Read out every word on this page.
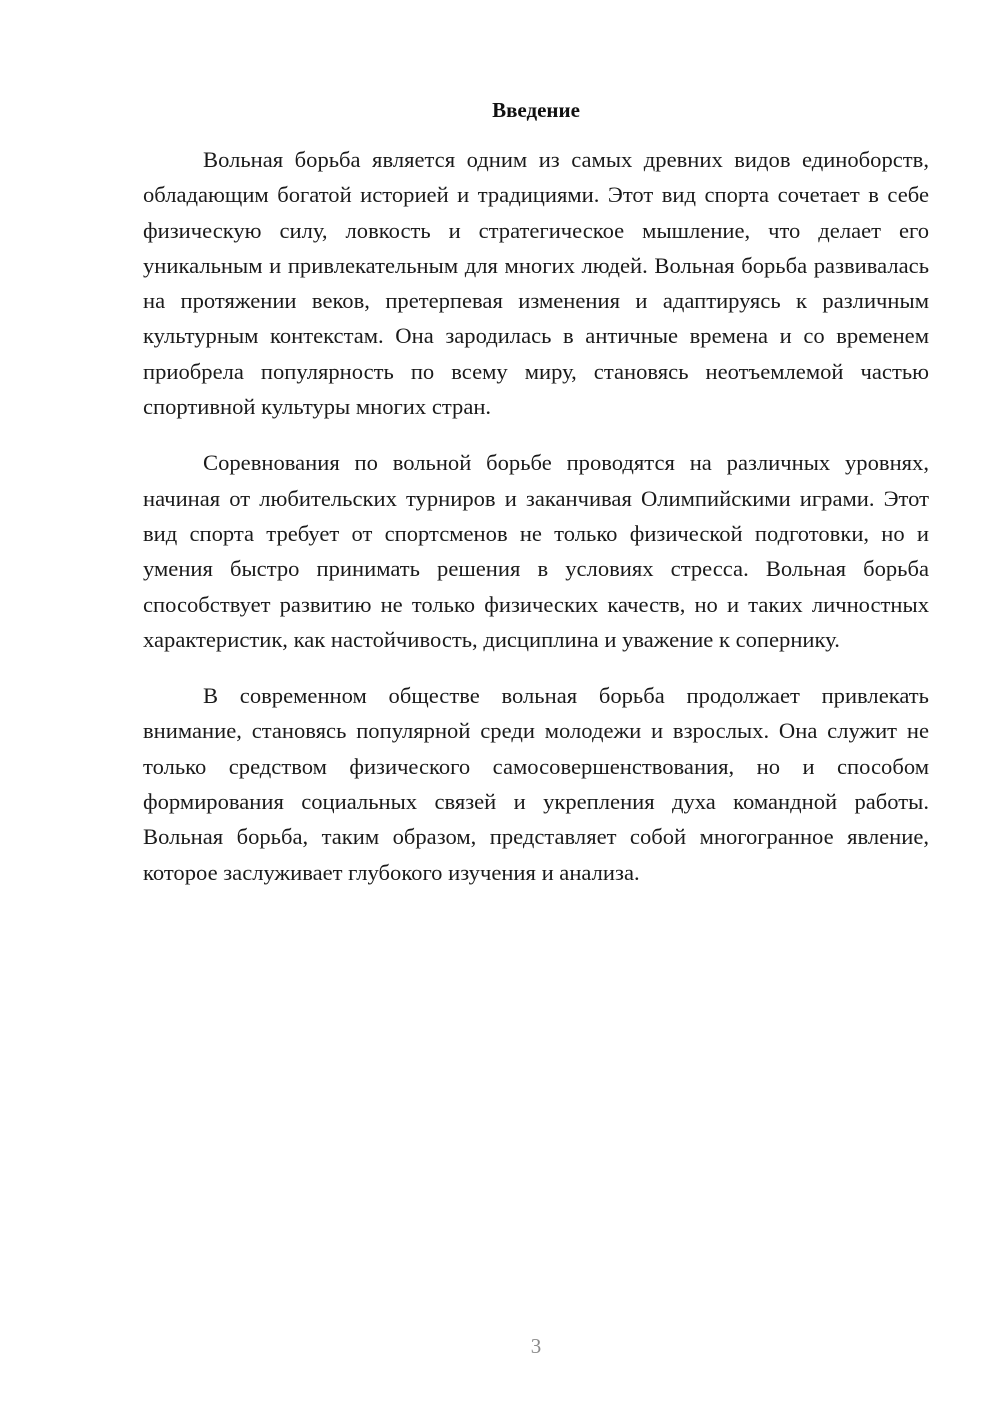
Введение

Вольная борьба является одним из самых древних видов единоборств, обладающим богатой историей и традициями. Этот вид спорта сочетает в себе физическую силу, ловкость и стратегическое мышление, что делает его уникальным и привлекательным для многих людей. Вольная борьба развивалась на протяжении веков, претерпевая изменения и адаптируясь к различным культурным контекстам. Она зародилась в античные времена и со временем приобрела популярность по всему миру, становясь неотъемлемой частью спортивной культуры многих стран.

Соревнования по вольной борьбе проводятся на различных уровнях, начиная от любительских турниров и заканчивая Олимпийскими играми. Этот вид спорта требует от спортсменов не только физической подготовки, но и умения быстро принимать решения в условиях стресса. Вольная борьба способствует развитию не только физических качеств, но и таких личностных характеристик, как настойчивость, дисциплина и уважение к сопернику.

В современном обществе вольная борьба продолжает привлекать внимание, становясь популярной среди молодежи и взрослых. Она служит не только средством физического самосовершенствования, но и способом формирования социальных связей и укрепления духа командной работы. Вольная борьба, таким образом, представляет собой многогранное явление, которое заслуживает глубокого изучения и анализа.

3
